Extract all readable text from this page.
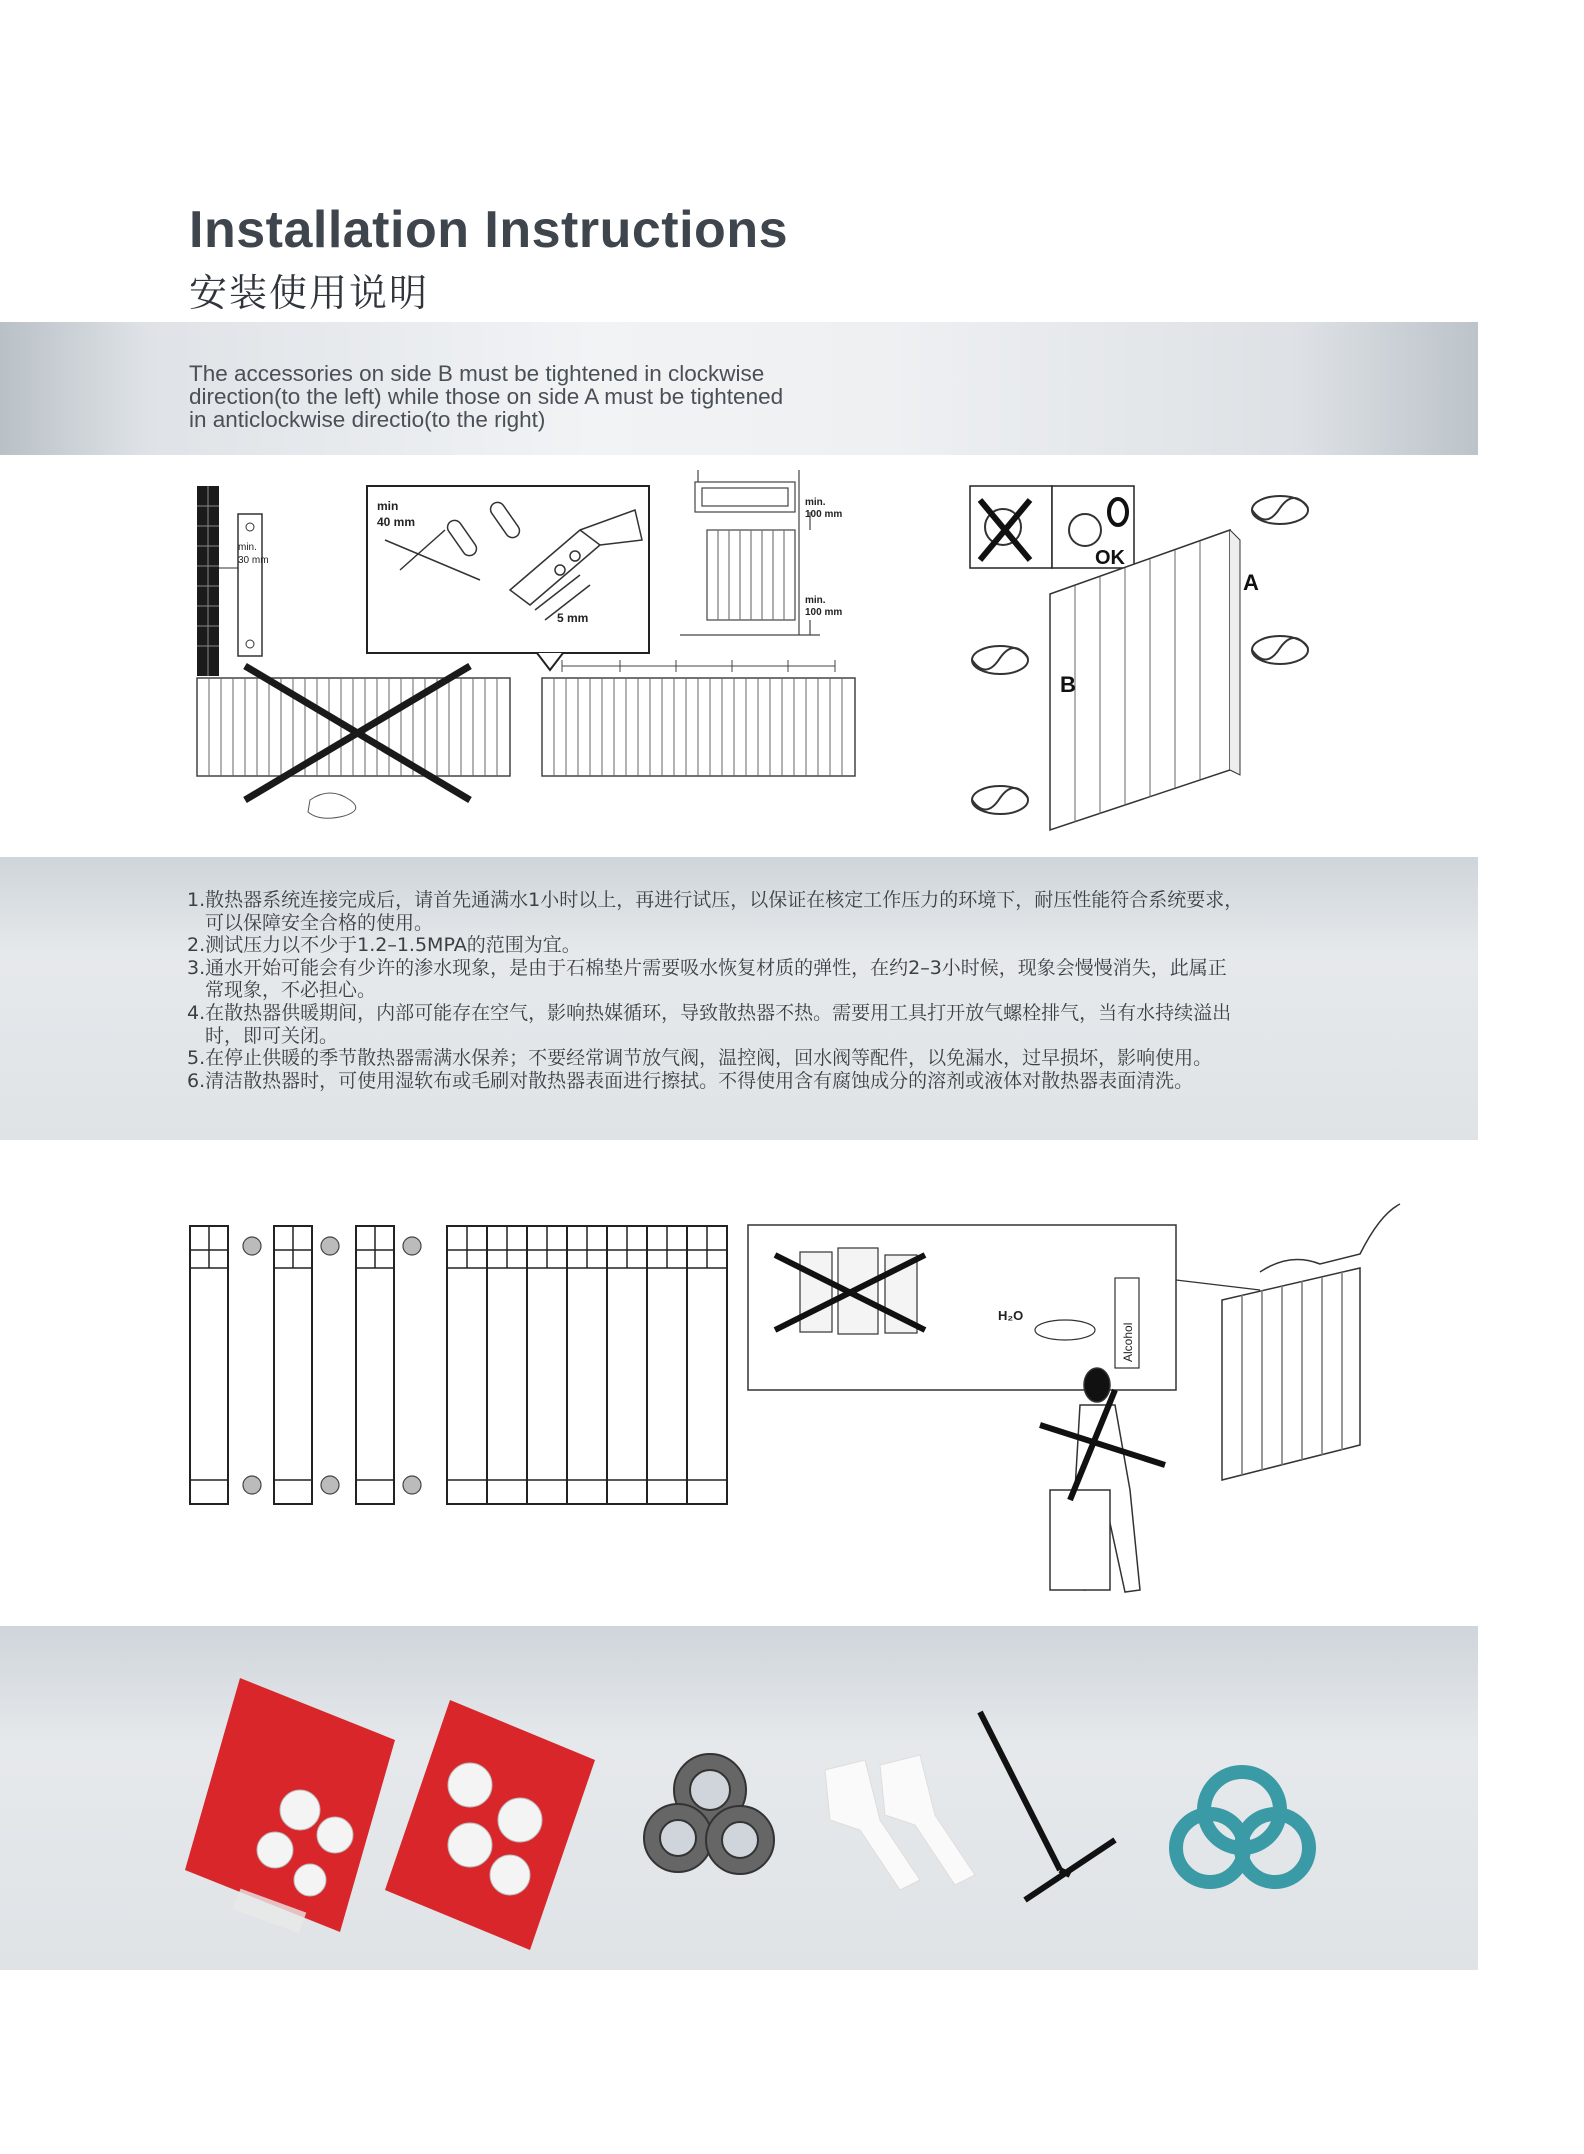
Installation Instructions
安装使用说明
The accessories on side B must be tightened in clockwise
direction(to the left) while those on side A must be tightened
in anticlockwise directio(to the right)
min.
30 mm
min
40 mm
5 mm
min.
100 mm
min.
100 mm
OK
A
B
1.散热器系统连接完成后，请首先通满水1小时以上，再进行试压，以保证在核定工作压力的环境下，耐压性能符合系统要求，
可以保障安全合格的使用。
2.测试压力以不少于1.2–1.5MPA的范围为宜。
3.通水开始可能会有少许的渗水现象，是由于石棉垫片需要吸水恢复材质的弹性，在约2–3小时候，现象会慢慢消失，此属正
常现象，不必担心。
4.在散热器供暖期间，内部可能存在空气，影响热媒循环，导致散热器不热。需要用工具打开放气螺栓排气，当有水持续溢出
时，即可关闭。
5.在停止供暖的季节散热器需满水保养；不要经常调节放气阀，温控阀，回水阀等配件，以免漏水，过早损坏，影响使用。
6.清洁散热器时，可使用湿软布或毛刷对散热器表面进行擦拭。不得使用含有腐蚀成分的溶剂或液体对散热器表面清洗。
H₂O
Alcohol
